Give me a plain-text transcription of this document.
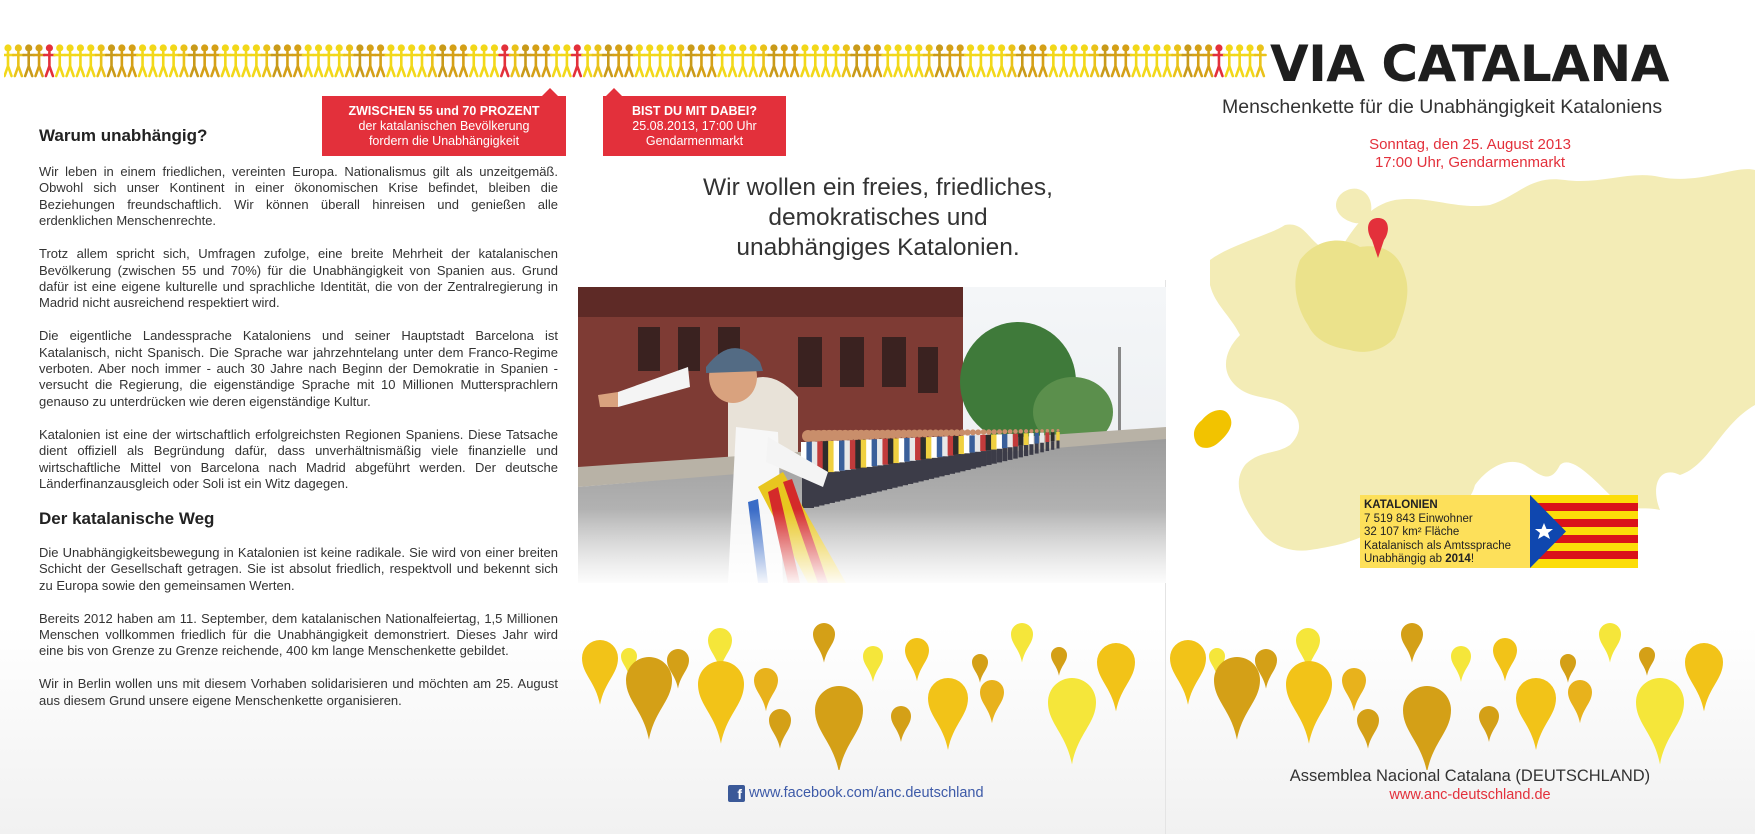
VIA CATALANA
Menschenkette für die Unabhängigkeit Kataloniens
Sonntag, den 25. August 2013
17:00 Uhr, Gendarmenmarkt
ZWISCHEN 55 und 70 PROZENT
der katalanischen Bevölkerung
fordern die Unabhängigkeit
BIST DU MIT DABEI?
25.08.2013, 17:00 Uhr
Gendarmenmarkt
Warum unabhängig?

Wir leben in einem friedlichen, vereinten Europa. Nationalismus gilt als unzeitgemäß. Obwohl sich unser Kontinent in einer ökonomischen Krise befindet, bleiben die Beziehungen freundschaftlich. Wir können überall hinreisen und genießen alle erdenklichen Menschenrechte.

Trotz allem spricht sich, Umfragen zufolge, eine breite Mehrheit der katalanischen Bevölkerung (zwischen 55 und 70%) für die Unabhängigkeit von Spanien aus. Grund dafür ist eine eigene kulturelle und sprachliche Identität, die von der Zentralregierung in Madrid nicht ausreichend respektiert wird.

Die eigentliche Landessprache Kataloniens und seiner Hauptstadt Barcelona ist Katalanisch, nicht Spanisch. Die Sprache war jahrzehntelang unter dem Franco-Regime verboten. Aber noch immer - auch 30 Jahre nach Beginn der Demokratie in Spanien - versucht die Regierung, die eigenständige Sprache mit 10 Millionen Muttersprachlern genauso zu unterdrücken wie deren eigenständige Kultur.

Katalonien ist eine der wirtschaftlich erfolgreichsten Regionen Spaniens. Diese Tatsache dient offiziell als Begründung dafür, dass unverhältnismäßig viele finanzielle und wirtschaftliche Mittel von Barcelona nach Madrid abgeführt werden. Der deutsche Länderfinanzausgleich oder Soli ist ein Witz dagegen.

Der katalanische Weg

Die Unabhängigkeitsbewegung in Katalonien ist keine radikale. Sie wird von einer breiten Schicht der Gesellschaft getragen. Sie ist absolut friedlich, respektvoll und bekennt sich zu Europa sowie den gemeinsamen Werten.

Bereits 2012 haben am 11. September, dem katalanischen Nationalfeiertag, 1,5 Millionen Menschen vollkommen friedlich für die Unabhängigkeit demonstriert. Dieses Jahr wird eine bis von Grenze zu Grenze reichende, 400 km lange Menschenkette gebildet.

Wir in Berlin wollen uns mit diesem Vorhaben solidarisieren und möchten am 25. August aus diesem Grund unsere eigene Menschenkette organisieren.

Wir wollen ein freies, friedliches,
demokratisches und
unabhängiges Katalonien.
f www.facebook.com/anc.deutschland
KATALONIEN
7 519 843 Einwohner
32 107 km² Fläche
Katalanisch als Amtssprache
Unabhängig ab 2014!
Assemblea Nacional Catalana (DEUTSCHLAND)
www.anc-deutschland.de
